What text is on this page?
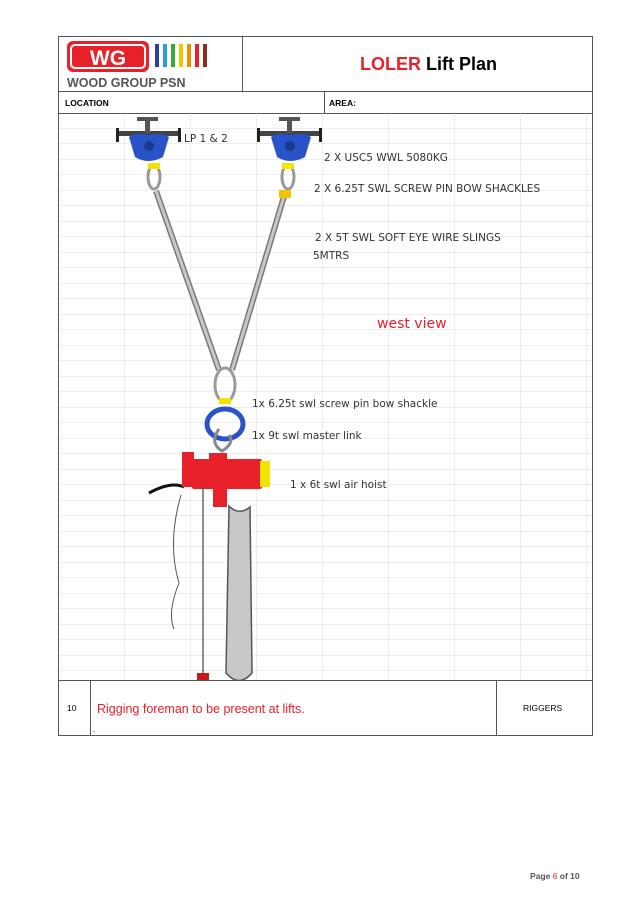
WG
WOOD GROUP PSN
LOLER Lift Plan
LOCATION	AREA:
LP 1 & 2
2 X USC5 WWL 5080KG
2 X 6.25T SWL SCREW PIN BOW SHACKLES
2 X 5T SWL SOFT EYE WIRE SLINGS
5MTRS
west view
1x 6.25t swl screw pin bow shackle
1x 9t swl master link
1 x 6t swl air hoist
10 Rigging foreman to be present at lifts.
.
RIGGERS
Page 6 of 10
